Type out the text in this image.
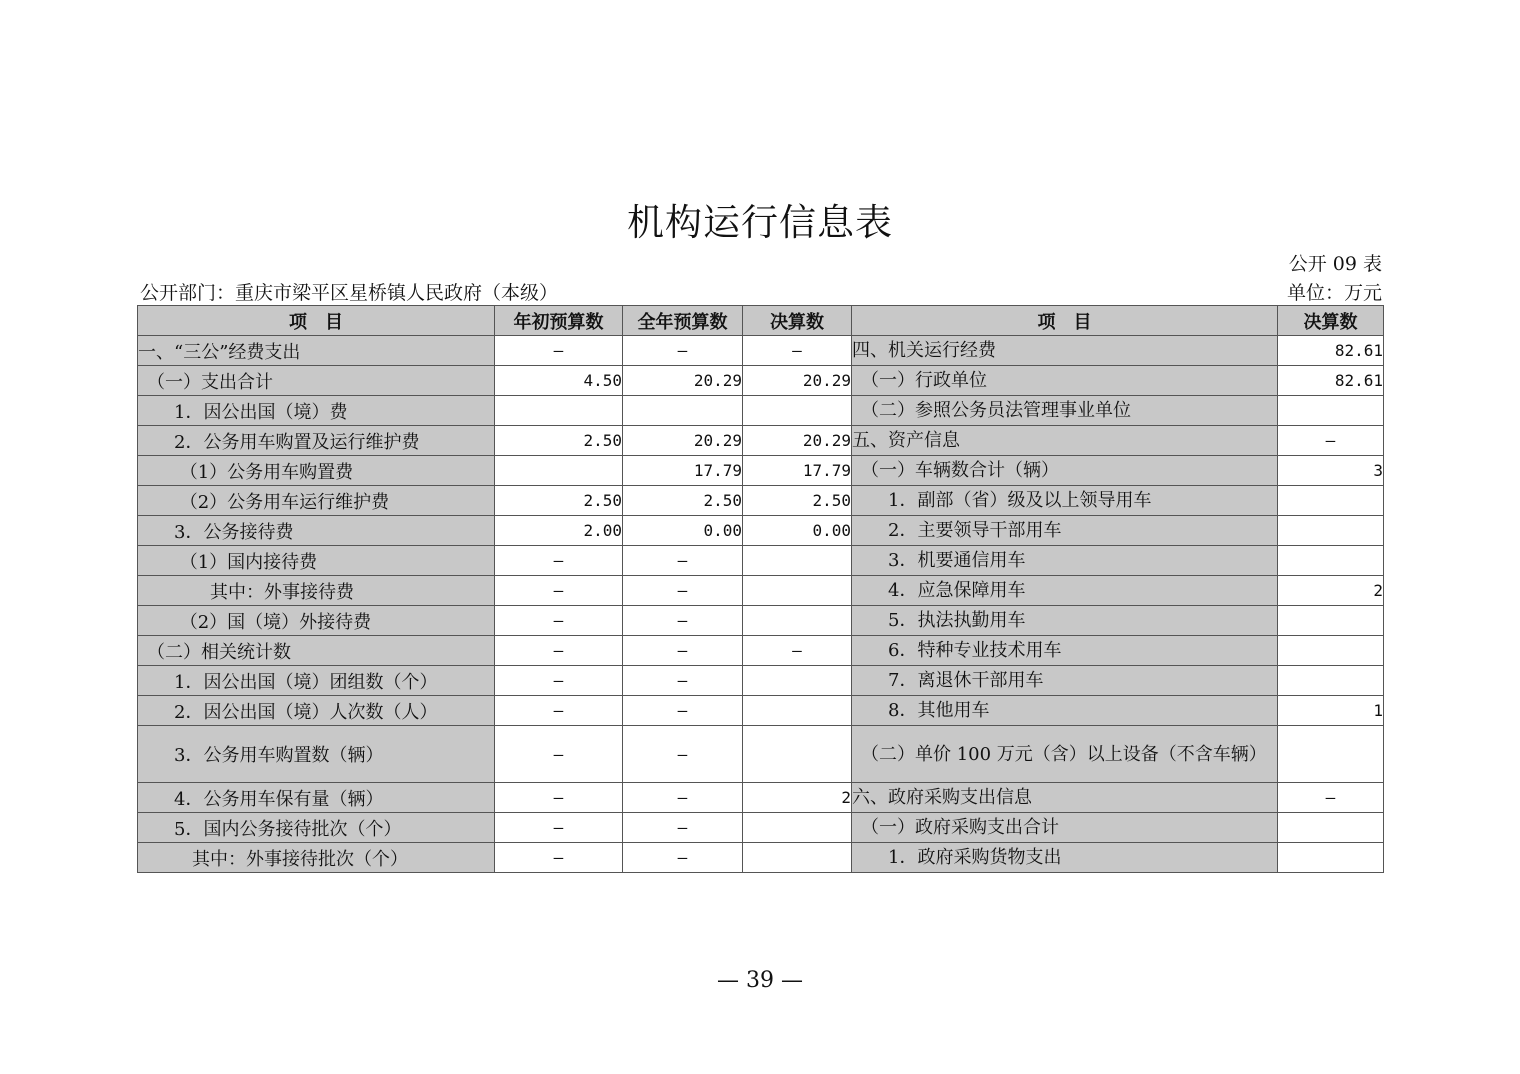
机构运行信息表
公开 09 表
公开部门：重庆市梁平区星桥镇人民政府（本级）	单位：万元
项　目	年初预算数	全年预算数	决算数	项　目	决算数
一、“三公”经费支出	—	—	—	四、机关运行经费	82.61
　（一）支出合计	4.50	20.29	20.29	　（一）行政单位	82.61
　　1．因公出国（境）费				　（二）参照公务员法管理事业单位	
　　2．公务用车购置及运行维护费	2.50	20.29	20.29	五、资产信息	—
　　 （1）公务用车购置费		17.79	17.79	　（一）车辆数合计（辆）	3
　　 （2）公务用车运行维护费	2.50	2.50	2.50	　　1．副部（省）级及以上领导用车	
　　3．公务接待费	2.00	0.00	0.00	　　2．主要领导干部用车	
　　 （1）国内接待费	—	—		　　3．机要通信用车	
　　　　其中：外事接待费	—	—		　　4．应急保障用车	2
　　 （2）国（境）外接待费	—	—		　　5．执法执勤用车	
　（二）相关统计数	—	—	—	　　6．特种专业技术用车	
　　1．因公出国（境）团组数（个）	—	—		　　7．离退休干部用车	
　　2．因公出国（境）人次数（人）	—	—		　　8．其他用车	1
　　3．公务用车购置数（辆）	—	—		　（二）单价 100 万元（含）以上设备（不含车辆）	
　　4．公务用车保有量（辆）	—	—	2	六、政府采购支出信息	—
　　5．国内公务接待批次（个）	—	—		　（一）政府采购支出合计	
　　　其中：外事接待批次（个）	—	—		　　1．政府采购货物支出	
— 39 —
